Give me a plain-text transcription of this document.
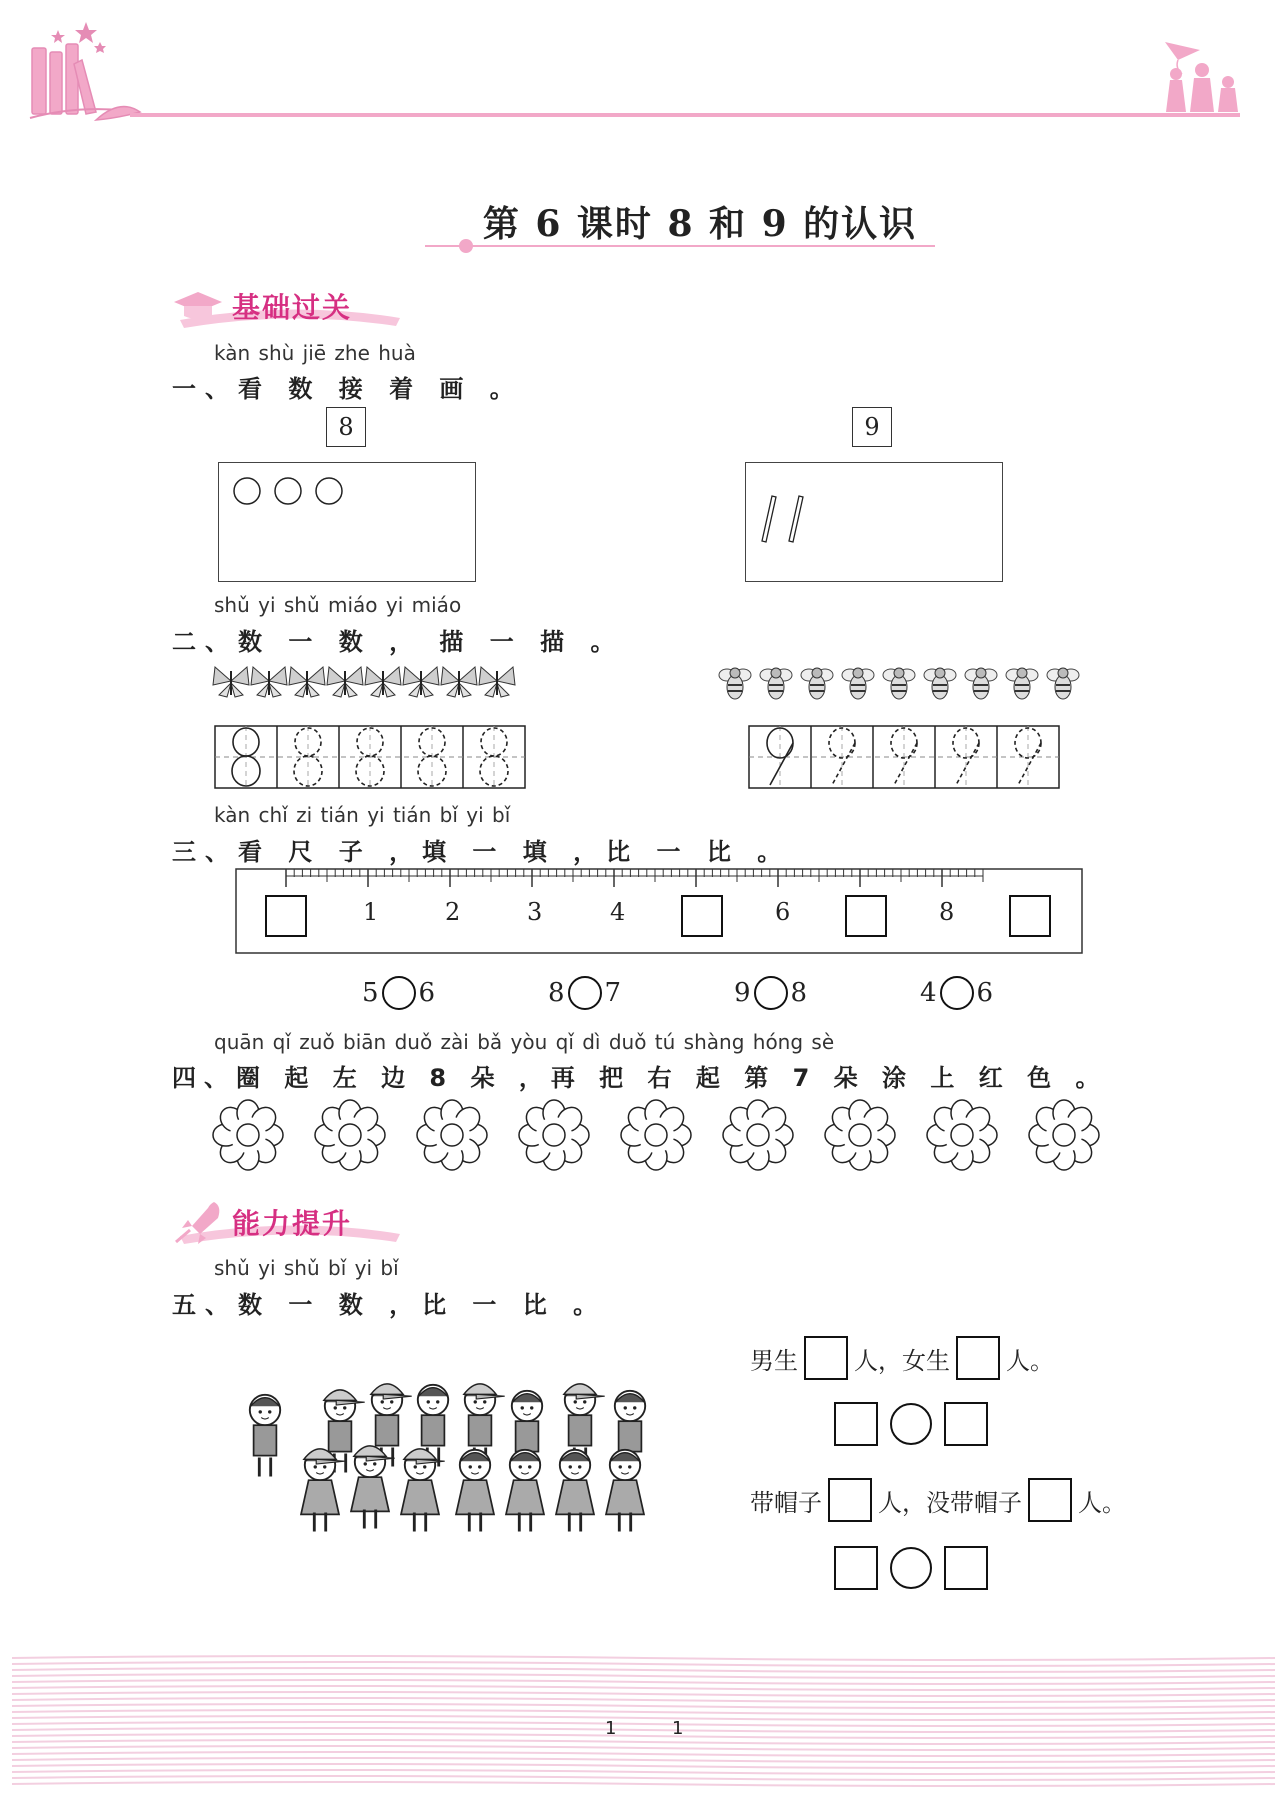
第 6 课时 8 和 9 的认识
基础过关
kàn shù jiē zhe huà
一、看 数 接 着 画 。
8	9
shǔ yi shǔ miáo yi miáo
二、数 一 数 ， 描 一 描 。
kàn chǐ zi tián yi tián bǐ yi bǐ
三、看 尺 子 ，填 一 填 ，比 一 比 。
1	2	3	4	6	8
5 6	8 7	9 8	4 6
quān qǐ zuǒ biān duǒ zài bǎ yòu qǐ dì duǒ tú shàng hóng sè
四、圈 起 左 边 8 朵 ，再 把 右 起 第 7 朵 涂 上 红 色 。
能力提升
shǔ yi shǔ bǐ yi bǐ
五、数 一 数 ，比 一 比 。
男生 人，女生 人。
带帽子 人，没带帽子 人。
1	1
